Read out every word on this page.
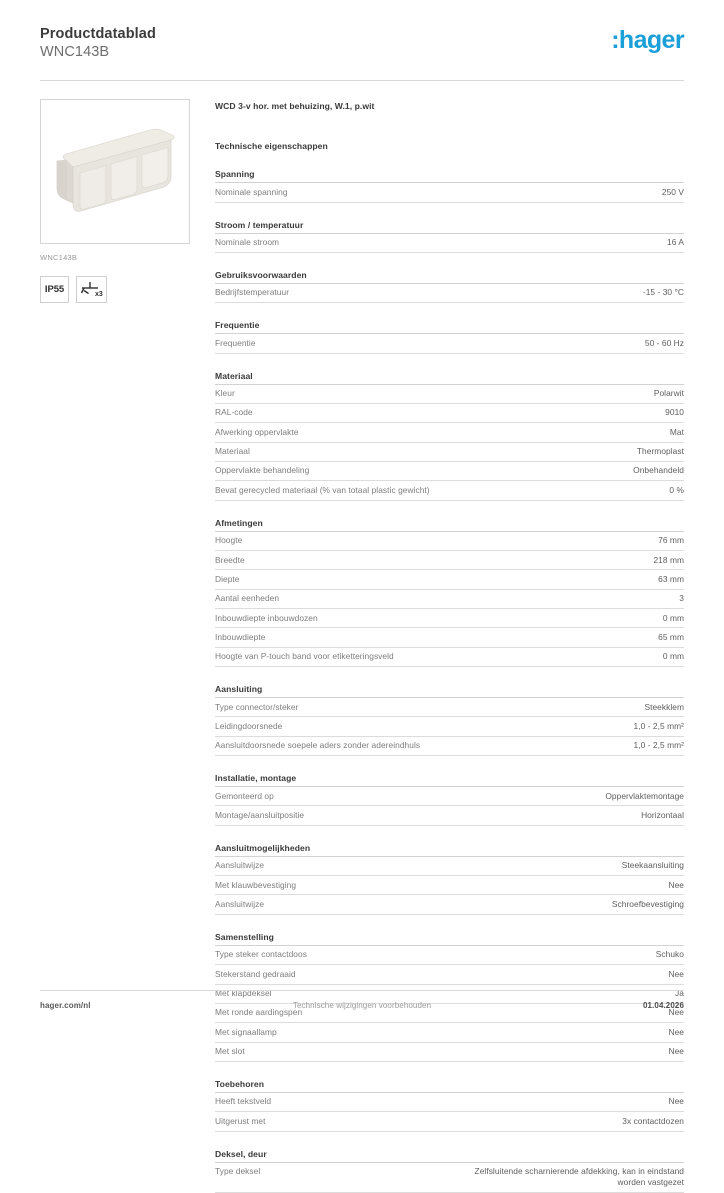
Productdatablad
WNC143B	:hager
WNC143B
IP55	x3
WCD 3-v hor. met behuizing, W.1, p.wit
Technische eigenschappen
Spanning
Nominale spanning	250 V
Stroom / temperatuur
Nominale stroom	16 A
Gebruiksvoorwaarden
Bedrijfstemperatuur	-15 - 30 °C
Frequentie
Frequentie	50 - 60 Hz
Materiaal
Kleur	Polarwit
RAL-code	9010
Afwerking oppervlakte	Mat
Materiaal	Thermoplast
Oppervlakte behandeling	Onbehandeld
Bevat gerecycled materiaal (% van totaal plastic gewicht)	0 %
Afmetingen
Hoogte	76 mm
Breedte	218 mm
Diepte	63 mm
Aantal eenheden	3
Inbouwdiepte inbouwdozen	0 mm
Inbouwdiepte	65 mm
Hoogte van P-touch band voor etiketteringsveld	0 mm
Aansluiting
Type connector/steker	Steekklem
Leidingdoorsnede	1,0 - 2,5 mm²
Aansluitdoorsnede soepele aders zonder adereindhuls	1,0 - 2,5 mm²
Installatie, montage
Gemonteerd op	Oppervlaktemontage
Montage/aansluitpositie	Horizontaal
Aansluitmogelijkheden
Aansluitwijze	Steekaansluiting
Met klauwbevestiging	Nee
Aansluitwijze	Schroefbevestiging
Samenstelling
Type steker contactdoos	Schuko
Stekerstand gedraaid	Nee
Met klapdeksel	Ja
Met ronde aardingspen	Nee
Met signaallamp	Nee
Met slot	Nee
Toebehoren
Heeft tekstveld	Nee
Uitgerust met	3x contactdozen
Deksel, deur
Type deksel	Zelfsluitende scharnierende afdekking, kan in eindstand worden vastgezet
hager.com/nl	Technische wijzigingen voorbehouden	01.04.2026
